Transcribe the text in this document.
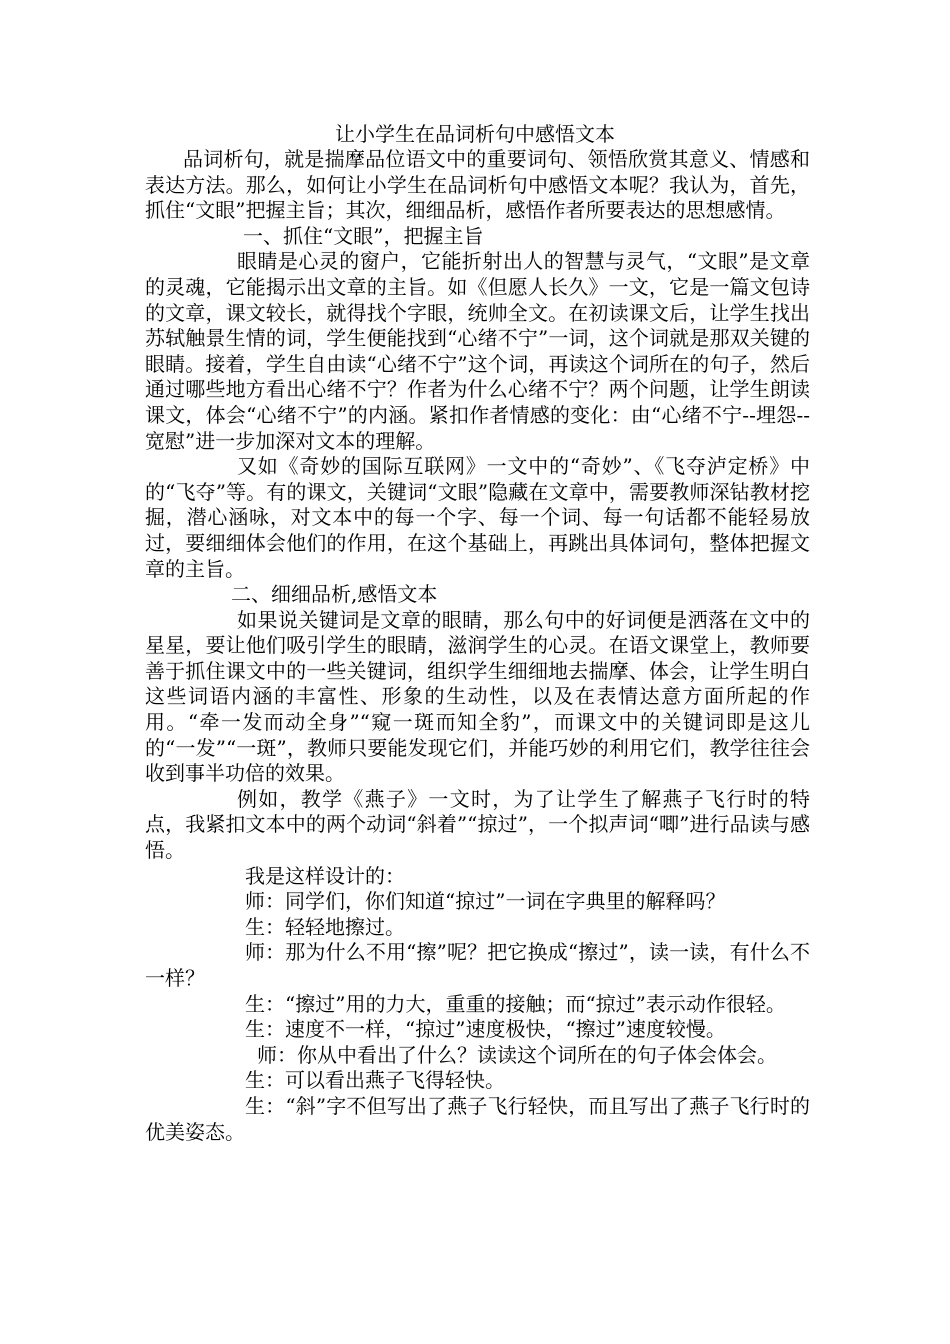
让小学生在品词析句中感悟文本

品词析句，就是揣摩品位语文中的重要词句、领悟欣赏其意义、情感和表达方法。那么，如何让小学生在品词析句中感悟文本呢？我认为，首先，抓住“文眼”把握主旨；其次，细细品析，感悟作者所要表达的思想感情。

一、抓住“文眼”，把握主旨

眼睛是心灵的窗户，它能折射出人的智慧与灵气，“文眼”是文章的灵魂，它能揭示出文章的主旨。如《但愿人长久》一文，它是一篇文包诗的文章，课文较长，就得找个字眼，统帅全文。在初读课文后，让学生找出苏轼触景生情的词，学生便能找到“心绪不宁”一词，这个词就是那双关键的眼睛。接着，学生自由读“心绪不宁”这个词，再读这个词所在的句子，然后通过哪些地方看出心绪不宁？作者为什么心绪不宁？两个问题，让学生朗读课文，体会“心绪不宁”的内涵。紧扣作者情感的变化：由“心绪不宁--埋怨--宽慰”进一步加深对文本的理解。

又如《奇妙的国际互联网》一文中的“奇妙”、《飞夺泸定桥》中的“飞夺”等。有的课文，关键词“文眼”隐藏在文章中，需要教师深钻教材挖掘，潜心涵咏，对文本中的每一个字、每一个词、每一句话都不能轻易放过，要细细体会他们的作用，在这个基础上，再跳出具体词句，整体把握文章的主旨。

二、细细品析,感悟文本

如果说关键词是文章的眼睛，那么句中的好词便是洒落在文中的星星，要让他们吸引学生的眼睛，滋润学生的心灵。在语文课堂上，教师要善于抓住课文中的一些关键词，组织学生细细地去揣摩、体会，让学生明白这些词语内涵的丰富性、形象的生动性，以及在表情达意方面所起的作用。“牵一发而动全身”“窥一斑而知全豹”，而课文中的关键词即是这儿的“一发”“一斑”，教师只要能发现它们，并能巧妙的利用它们，教学往往会收到事半功倍的效果。

例如，教学《燕子》一文时，为了让学生了解燕子飞行时的特点，我紧扣文本中的两个动词“斜着”“掠过”，一个拟声词“唧”进行品读与感悟。

我是这样设计的：

师：同学们，你们知道“掠过”一词在字典里的解释吗？

生：轻轻地擦过。

师：那为什么不用“擦”呢？把它换成“擦过”，读一读，有什么不一样？

生：“擦过”用的力大，重重的接触；而“掠过”表示动作很轻。

生：速度不一样，“掠过”速度极快，“擦过”速度较慢。

师：你从中看出了什么？读读这个词所在的句子体会体会。

生：可以看出燕子飞得轻快。

生：“斜”字不但写出了燕子飞行轻快，而且写出了燕子飞行时的优美姿态。
